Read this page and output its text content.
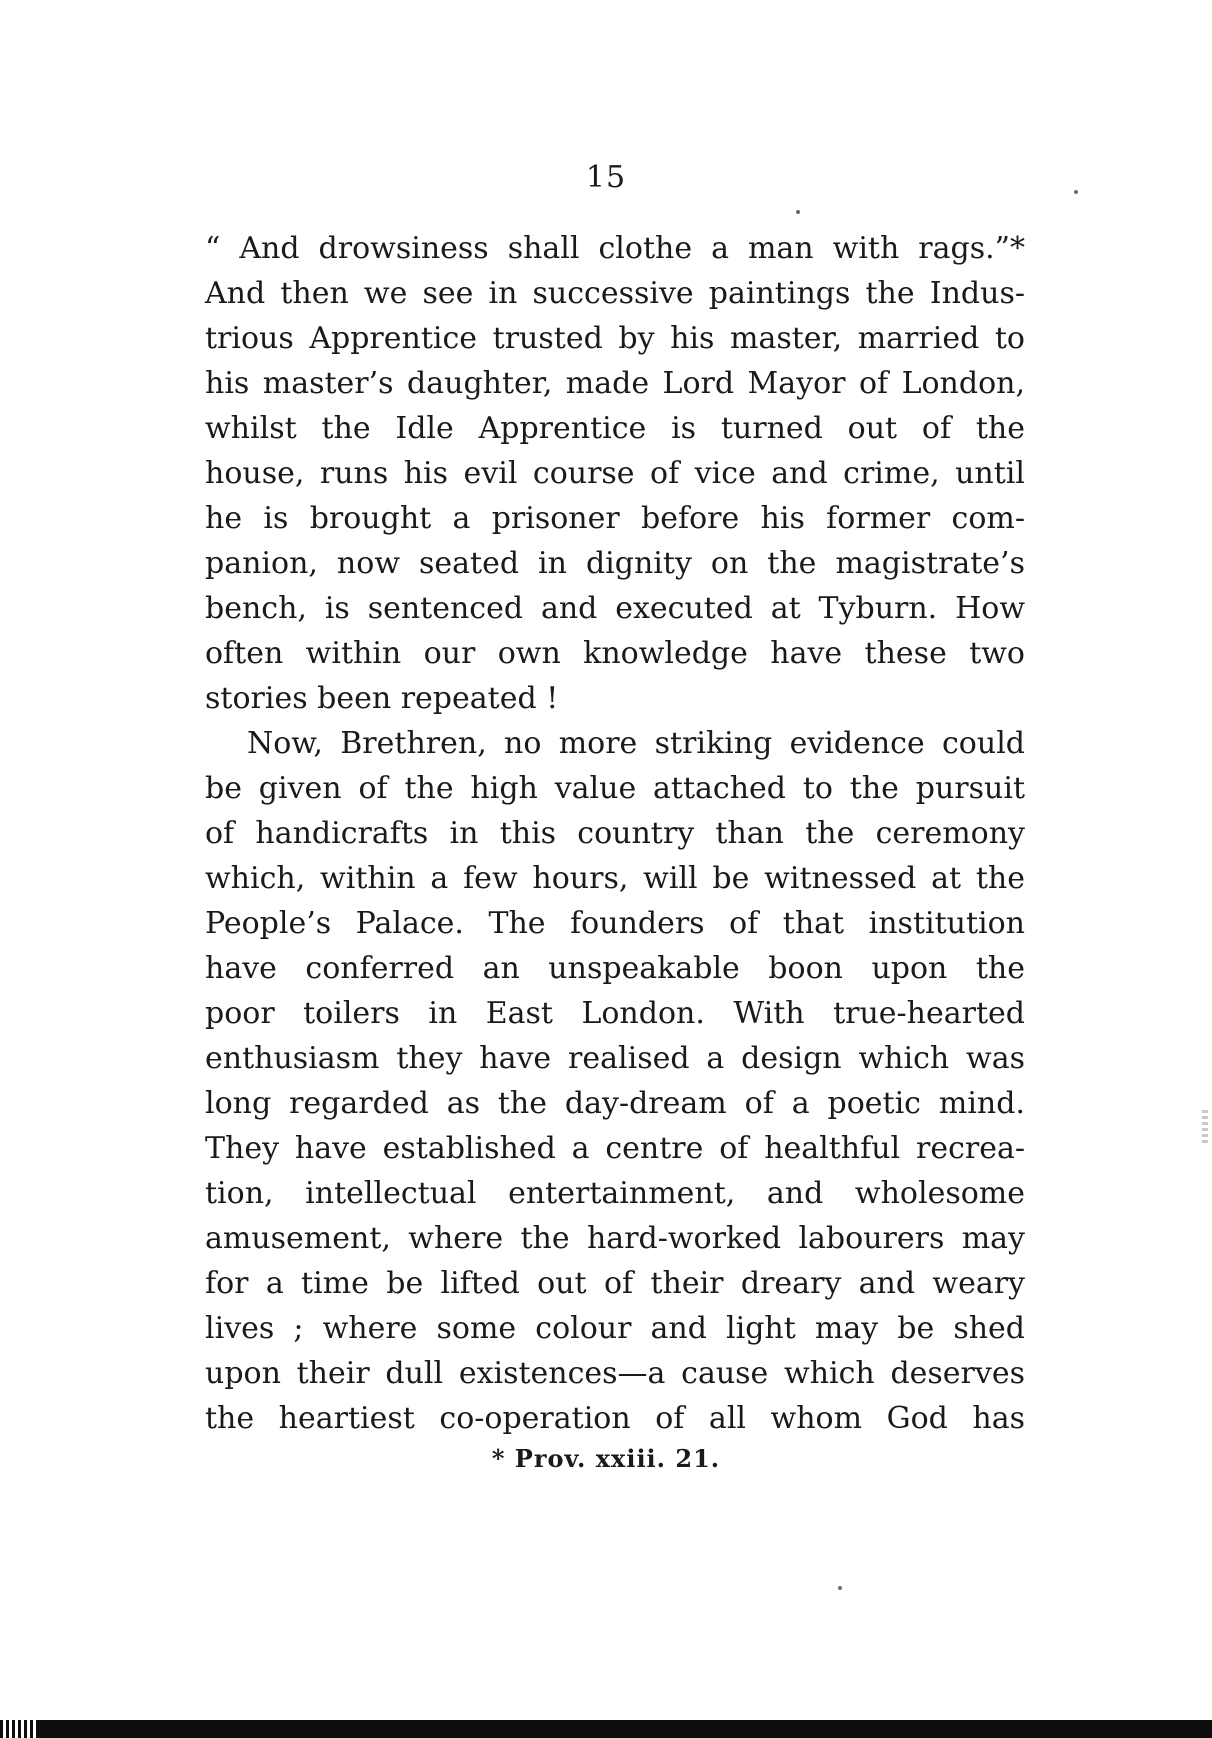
15
“ And drowsiness shall clothe a man with rags.”*
And then we see in successive paintings the Indus-
trious Apprentice trusted by his master, married to
his master’s daughter, made Lord Mayor of London,
whilst the Idle Apprentice is turned out of the
house, runs his evil course of vice and crime, until
he is brought a prisoner before his former com-
panion, now seated in dignity on the magistrate’s
bench, is sentenced and executed at Tyburn. How
often within our own knowledge have these two
stories been repeated !
Now, Brethren, no more striking evidence could
be given of the high value attached to the pursuit
of handicrafts in this country than the ceremony
which, within a few hours, will be witnessed at the
People’s Palace. The founders of that institution
have conferred an unspeakable boon upon the
poor toilers in East London. With true-hearted
enthusiasm they have realised a design which was
long regarded as the day-dream of a poetic mind.
They have established a centre of healthful recrea-
tion, intellectual entertainment, and wholesome
amusement, where the hard-worked labourers may
for a time be lifted out of their dreary and weary
lives ; where some colour and light may be shed
upon their dull existences—a cause which deserves
the heartiest co-operation of all whom God has
* Prov. xxiii. 21.
